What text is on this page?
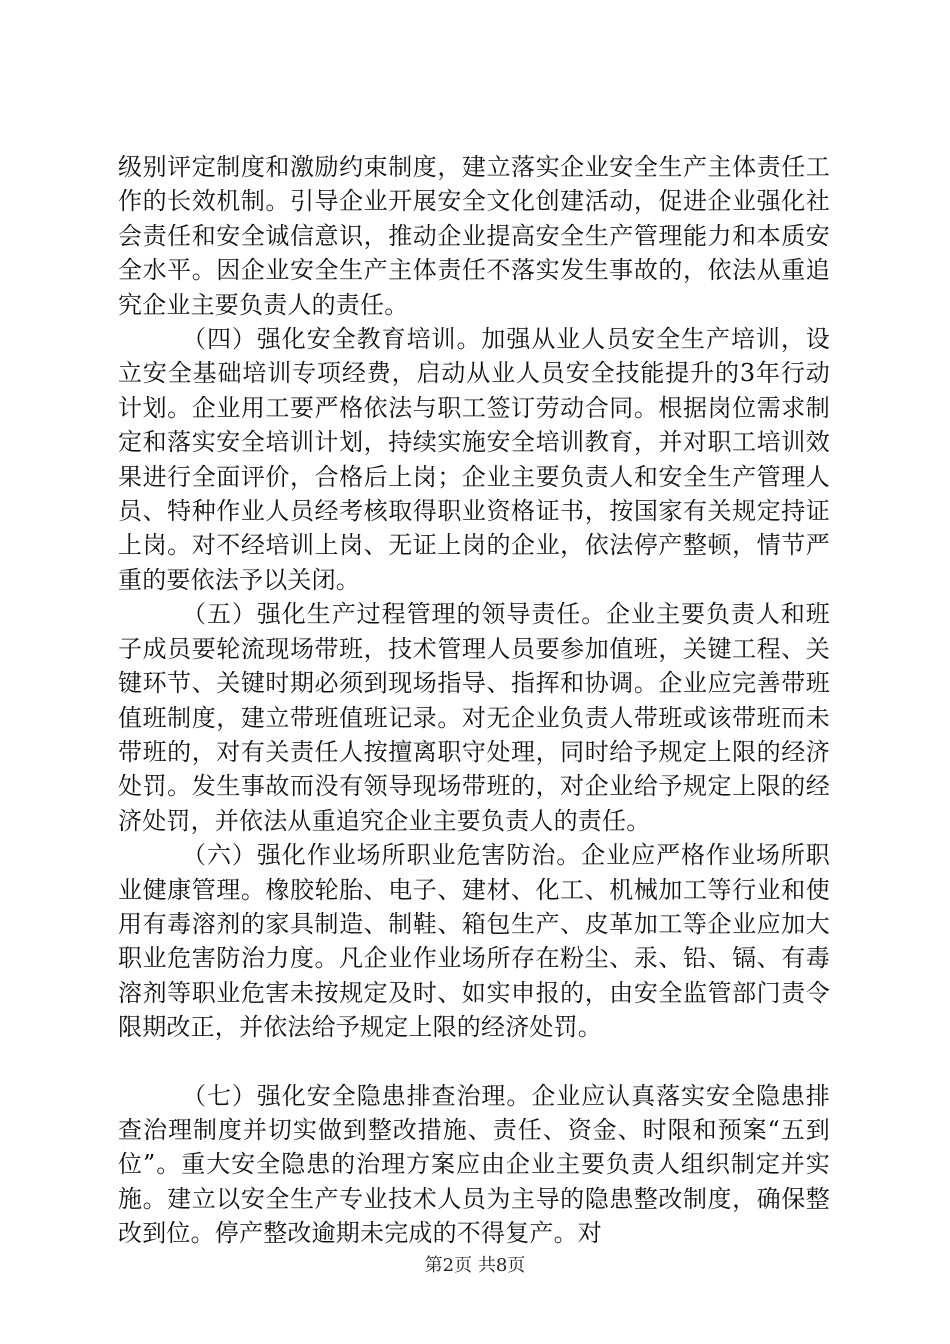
级别评定制度和激励约束制度，建立落实企业安全生产主体责任工作的长效机制。引导企业开展安全文化创建活动，促进企业强化社会责任和安全诚信意识，推动企业提高安全生产管理能力和本质安全水平。因企业安全生产主体责任不落实发生事故的，依法从重追究企业主要负责人的责任。

（四）强化安全教育培训。加强从业人员安全生产培训，设立安全基础培训专项经费，启动从业人员安全技能提升的3年行动计划。企业用工要严格依法与职工签订劳动合同。根据岗位需求制定和落实安全培训计划，持续实施安全培训教育，并对职工培训效果进行全面评价，合格后上岗；企业主要负责人和安全生产管理人员、特种作业人员经考核取得职业资格证书，按国家有关规定持证上岗。对不经培训上岗、无证上岗的企业，依法停产整顿，情节严重的要依法予以关闭。

（五）强化生产过程管理的领导责任。企业主要负责人和班子成员要轮流现场带班，技术管理人员要参加值班，关键工程、关键环节、关键时期必须到现场指导、指挥和协调。企业应完善带班值班制度，建立带班值班记录。对无企业负责人带班或该带班而未带班的，对有关责任人按擅离职守处理，同时给予规定上限的经济处罚。发生事故而没有领导现场带班的，对企业给予规定上限的经济处罚，并依法从重追究企业主要负责人的责任。

（六）强化作业场所职业危害防治。企业应严格作业场所职业健康管理。橡胶轮胎、电子、建材、化工、机械加工等行业和使用有毒溶剂的家具制造、制鞋、箱包生产、皮革加工等企业应加大职业危害防治力度。凡企业作业场所存在粉尘、汞、铅、镉、有毒溶剂等职业危害未按规定及时、如实申报的，由安全监管部门责令限期改正，并依法给予规定上限的经济处罚。

（七）强化安全隐患排查治理。企业应认真落实安全隐患排查治理制度并切实做到整改措施、责任、资金、时限和预案“五到位”。重大安全隐患的治理方案应由企业主要负责人组织制定并实施。建立以安全生产专业技术人员为主导的隐患整改制度，确保整改到位。停产整改逾期未完成的不得复产。对

第2页 共8页
